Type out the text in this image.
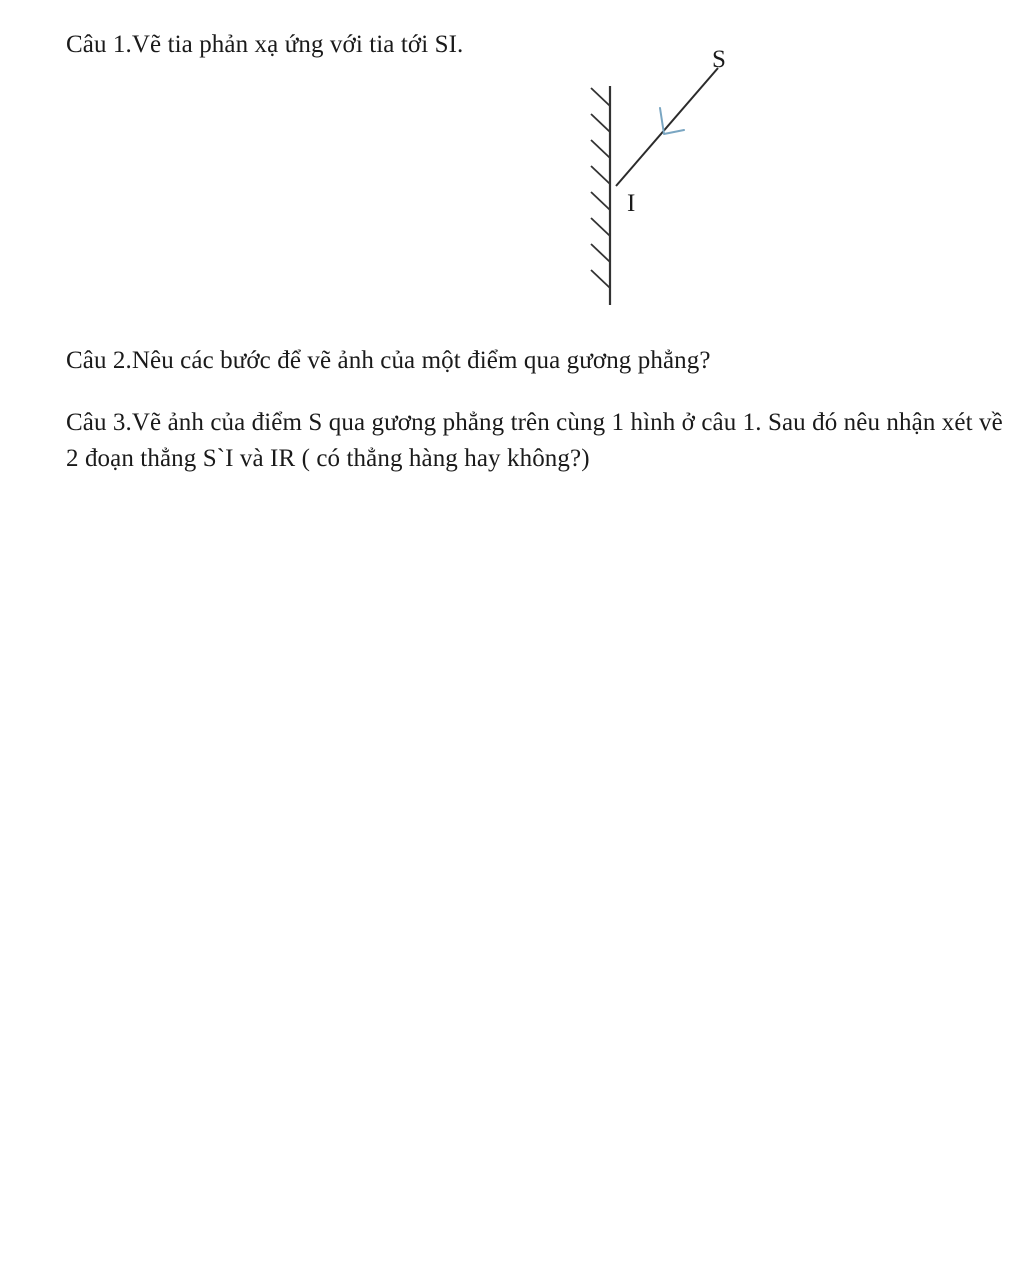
Câu 1.Vẽ tia phản xạ ứng với tia tới SI.
S
I
Câu 2.Nêu các bước để vẽ ảnh của một điểm qua gương phẳng?
Câu 3.Vẽ ảnh của điểm S qua gương phẳng trên cùng 1 hình ở câu 1. Sau đó nêu nhận xét về 2 đoạn thẳng S`I và IR ( có thẳng hàng hay không?)
